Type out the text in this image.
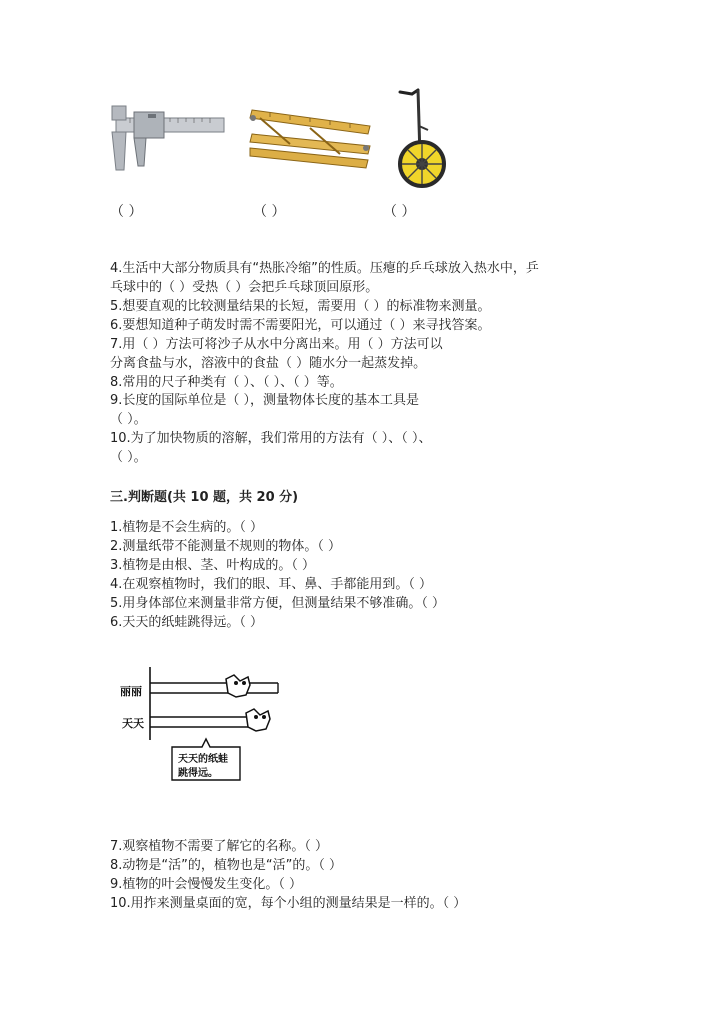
（ ）	（ ）	（ ）
4.生活中大部分物质具有“热胀冷缩”的性质。压瘪的乒乓球放入热水中，乒
乓球中的（ ）受热（ ）会把乒乓球顶回原形。
5.想要直观的比较测量结果的长短，需要用（ ）的标准物来测量。
6.要想知道种子萌发时需不需要阳光，可以通过（ ）来寻找答案。
7.用（ ）方法可将沙子从水中分离出来。用（ ）方法可以
分离食盐与水，溶液中的食盐（ ）随水分一起蒸发掉。
8.常用的尺子种类有（ ）、（ ）、（ ）等。
9.长度的国际单位是（ ），测量物体长度的基本工具是
（ ）。
10.为了加快物质的溶解，我们常用的方法有（ ）、（ ）、
（ ）。
三.判断题(共 10 题，共 20 分)
1.植物是不会生病的。（ ）
2.测量纸带不能测量不规则的物体。（ ）
3.植物是由根、茎、叶构成的。（ ）
4.在观察植物时，我们的眼、耳、鼻、手都能用到。（ ）
5.用身体部位来测量非常方便，但测量结果不够准确。（ ）
6.天天的纸蛙跳得远。（ ）
丽丽
天天
天天的纸蛙
跳得远。
7.观察植物不需要了解它的名称。（ ）
8.动物是“活”的，植物也是“活”的。（ ）
9.植物的叶会慢慢发生变化。（ ）
10.用拃来测量桌面的宽，每个小组的测量结果是一样的。（ ）
